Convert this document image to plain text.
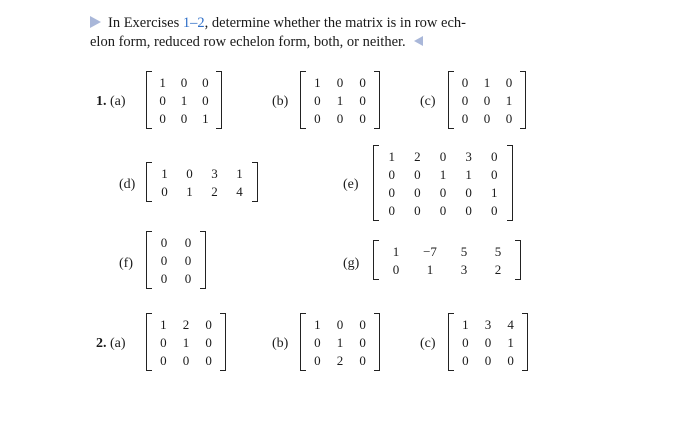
In Exercises 1–2, determine whether the matrix is in row ech-
elon form, reduced row echelon form, both, or neither.
1. (a)
1 0 0
0 1 0
0 0 1
(b)
1 0 0
0 1 0
0 0 0
(c)
0 1 0
0 0 1
0 0 0
(d)
1 0 3 1
0 1 2 4	(e)
1 2 0 3 0
0 0 1 1 0
0 0 0 0 1
0 0 0 0 0
(f)
0 0
0 0
0 0
(g)
1 −7 5 5
0 1 3 2
2. (a)
1 2 0
0 1 0
0 0 0
(b)
1 0 0
0 1 0
0 2 0
(c)
1 3 4
0 0 1
0 0 0
